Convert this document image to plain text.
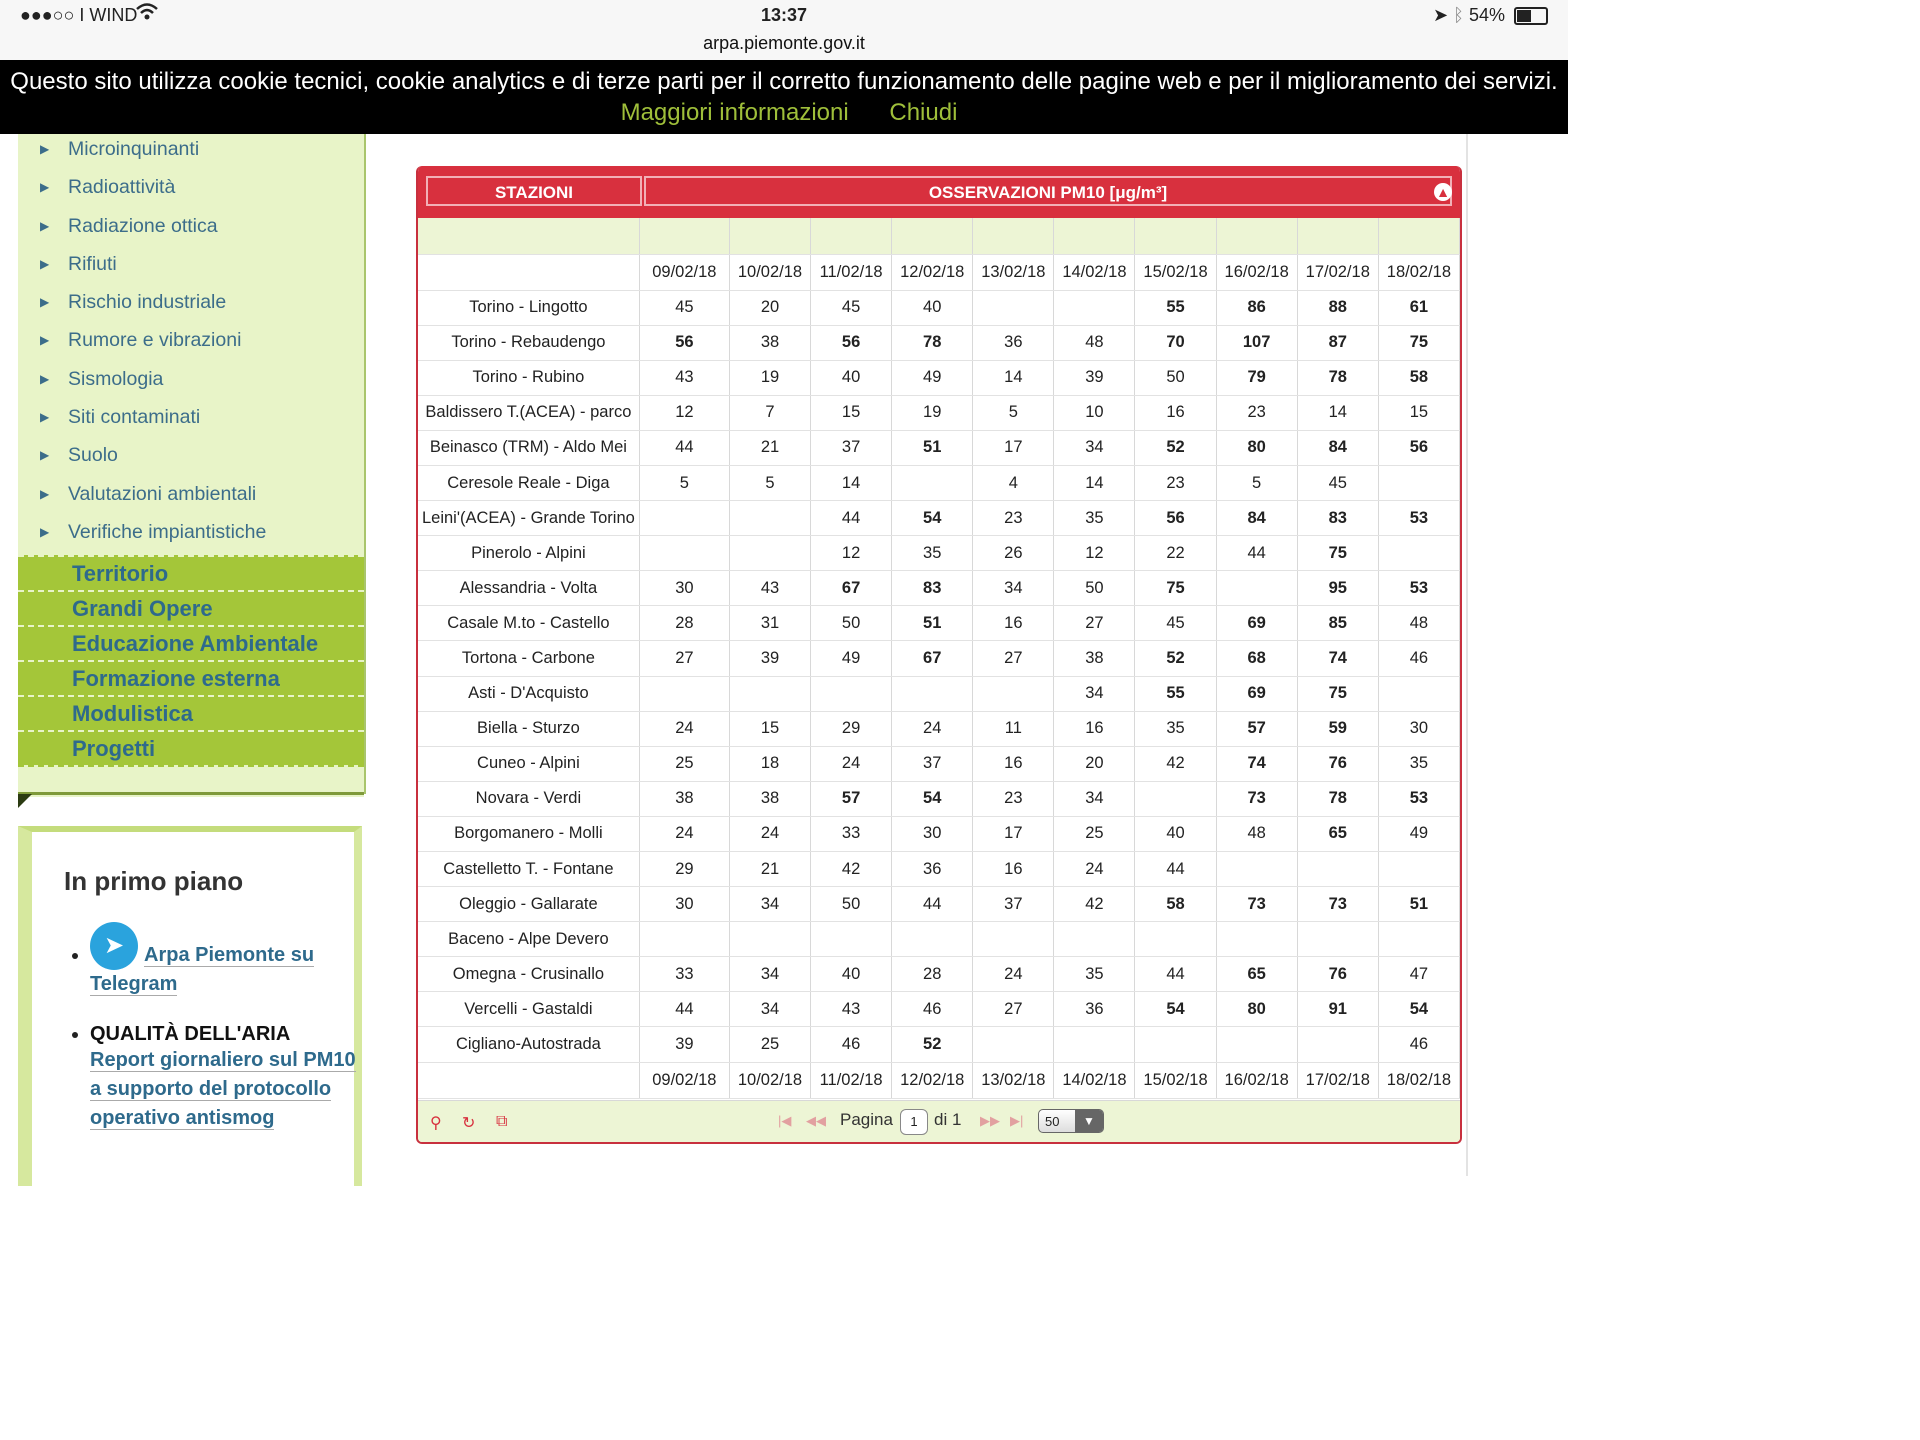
●●●○○ I WIND	13:37	➤ ᛒ 54%
arpa.piemonte.gov.it
Questo sito utilizza cookie tecnici, cookie analytics e di terze parti per il corretto funzionamento delle pagine web e per il miglioramento dei servizi. Maggiori informazioni Chiudi
▶ Microinquinanti
▶ Radioattività
▶ Radiazione ottica
▶ Rifiuti
▶ Rischio industriale
▶ Rumore e vibrazioni
▶ Sismologia
▶ Siti contaminati
▶ Suolo
▶ Valutazioni ambientali
▶ Verifiche impiantistiche
Territorio
Grandi Opere
Educazione Ambientale
Formazione esterna
Modulistica
Progetti
In primo piano
• ➤ Arpa Piemonte su Telegram
• QUALITÀ DELL'ARIA
Report giornaliero sul PM10 a supporto del protocollo operativo antismog
STAZIONI	OSSERVAZIONI PM10 [μg/m³]	▲

	09/02/18	10/02/18	11/02/18	12/02/18	13/02/18	14/02/18	15/02/18	16/02/18	17/02/18	18/02/18
Torino - Lingotto	45	20	45	40			55	86	88	61
Torino - Rebaudengo	56	38	56	78	36	48	70	107	87	75
Torino - Rubino	43	19	40	49	14	39	50	79	78	58
Baldissero T.(ACEA) - parco	12	7	15	19	5	10	16	23	14	15
Beinasco (TRM) - Aldo Mei	44	21	37	51	17	34	52	80	84	56
Ceresole Reale - Diga	5	5	14		4	14	23	5	45	
Leini'(ACEA) - Grande Torino			44	54	23	35	56	84	83	53
Pinerolo - Alpini			12	35	26	12	22	44	75	
Alessandria - Volta	30	43	67	83	34	50	75		95	53
Casale M.to - Castello	28	31	50	51	16	27	45	69	85	48
Tortona - Carbone	27	39	49	67	27	38	52	68	74	46
Asti - D'Acquisto						34	55	69	75	
Biella - Sturzo	24	15	29	24	11	16	35	57	59	30
Cuneo - Alpini	25	18	24	37	16	20	42	74	76	35
Novara - Verdi	38	38	57	54	23	34		73	78	53
Borgomanero - Molli	24	24	33	30	17	25	40	48	65	49
Castelletto T. - Fontane	29	21	42	36	16	24	44			
Oleggio - Gallarate	30	34	50	44	37	42	58	73	73	51
Baceno - Alpe Devero										
Omegna - Crusinallo	33	34	40	28	24	35	44	65	76	47
Vercelli - Gastaldi	44	34	43	46	27	36	54	80	91	54
Cigliano-Autostrada	39	25	46	52						46
	09/02/18	10/02/18	11/02/18	12/02/18	13/02/18	14/02/18	15/02/18	16/02/18	17/02/18	18/02/18
⚲ ↻ ⧉	|◀ ◀◀ Pagina	1 di 1 ▶▶ ▶|	50	▼
